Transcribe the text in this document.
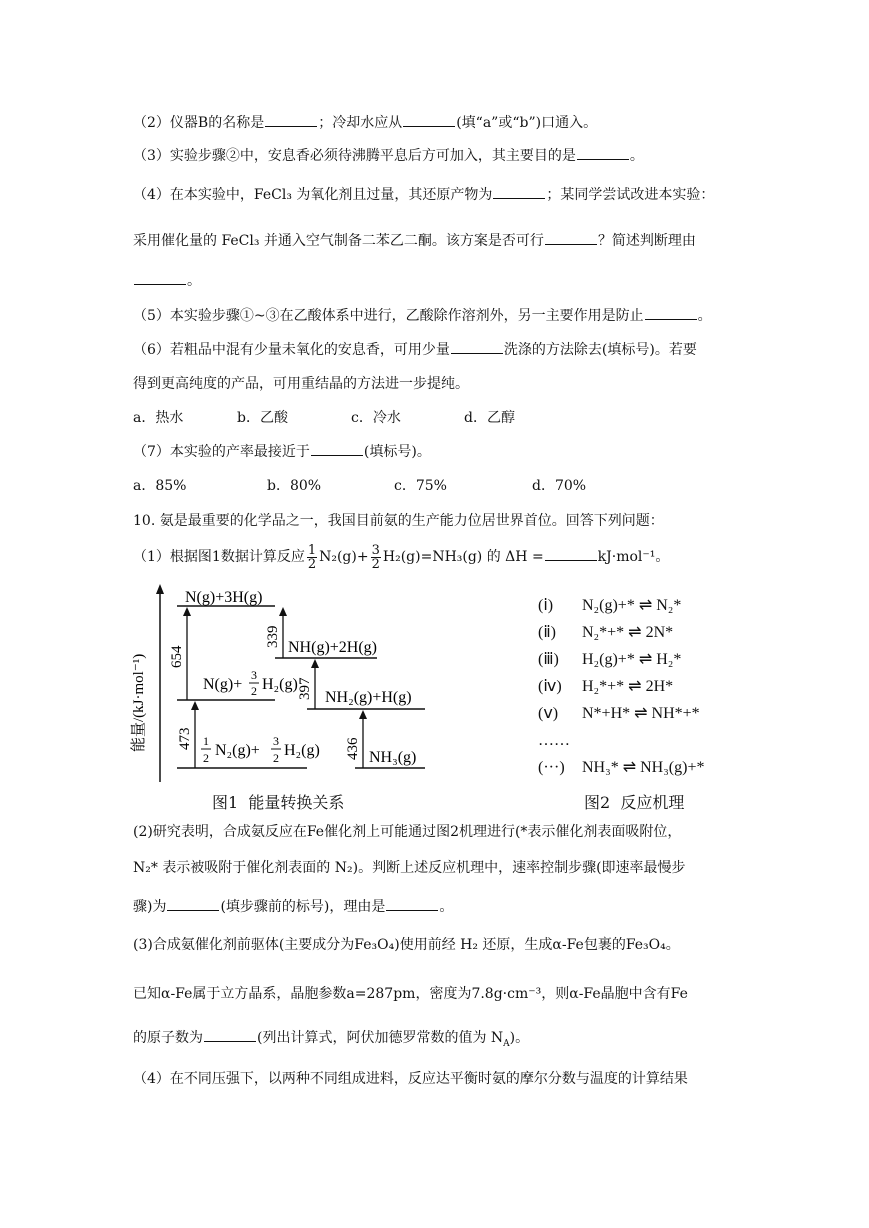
（2）仪器B的名称是	；冷却水应从	(填“a”或“b”)口通入。
（3）实验步骤②中，安息香必须待沸腾平息后方可加入，其主要目的是	。
（4）在本实验中，FeCl₃ 为氧化剂且过量，其还原产物为	；某同学尝试改进本实验：
采用催化量的 FeCl₃ 并通入空气制备二苯乙二酮。该方案是否可行	？简述判断理由
。
（5）本实验步骤①~③在乙酸体系中进行，乙酸除作溶剂外，另一主要作用是防止	。
（6）若粗品中混有少量未氧化的安息香，可用少量	洗涤的方法除去(填标号)。若要
得到更高纯度的产品，可用重结晶的方法进一步提纯。
a．热水	b．乙酸	c．冷水	d．乙醇
（7）本实验的产率最接近于	(填标号)。
a．85%	b．80%	c．75%	d．70%
10. 氨是最重要的化学品之一，我国目前氨的生产能力位居世界首位。回答下列问题：
（1）根据图1数据计算反应 $\frac{1}{2} N_2(g)+ \frac{3}{2} H_2(g)=NH_3(g)$ 的 ΔH =	kJ·mol⁻¹。
能量/(kJ·mol⁻¹) 654
339
397
473	436
N(g)+3H(g)
NH(g)+2H(g)
N(g)+
3
2 H₂(g)
NH₂(g)+H(g)
1
2 N₂(g)+
3
2 H₂(g)	NH₃(g)
图1  能量转换关系
(ⅰ) N₂(g)+* ⇌ N₂*
(ⅱ) N₂*+* ⇌ 2N*
(ⅲ) H₂(g)+* ⇌ H₂*
(ⅳ) H₂*+* ⇌ 2H*
(ⅴ) N*+H* ⇌ NH*+*
……
(···) NH₃* ⇌ NH₃(g)+*
图2  反应机理
(2)研究表明，合成氨反应在Fe催化剂上可能通过图2机理进行(*表示催化剂表面吸附位，
N₂* 表示被吸附于催化剂表面的 N₂)。判断上述反应机理中，速率控制步骤(即速率最慢步
骤)为	(填步骤前的标号)，理由是	。
(3)合成氨催化剂前驱体(主要成分为Fe₃O₄)使用前经 H₂ 还原，生成α-Fe包裹的Fe₃O₄。
已知α-Fe属于立方晶系，晶胞参数a=287pm，密度为7.8g·cm⁻³，则α-Fe晶胞中含有Fe
的原子数为	(列出计算式，阿伏加德罗常数的值为 $N_A$)。
（4）在不同压强下，以两种不同组成进料，反应达平衡时氨的摩尔分数与温度的计算结果
